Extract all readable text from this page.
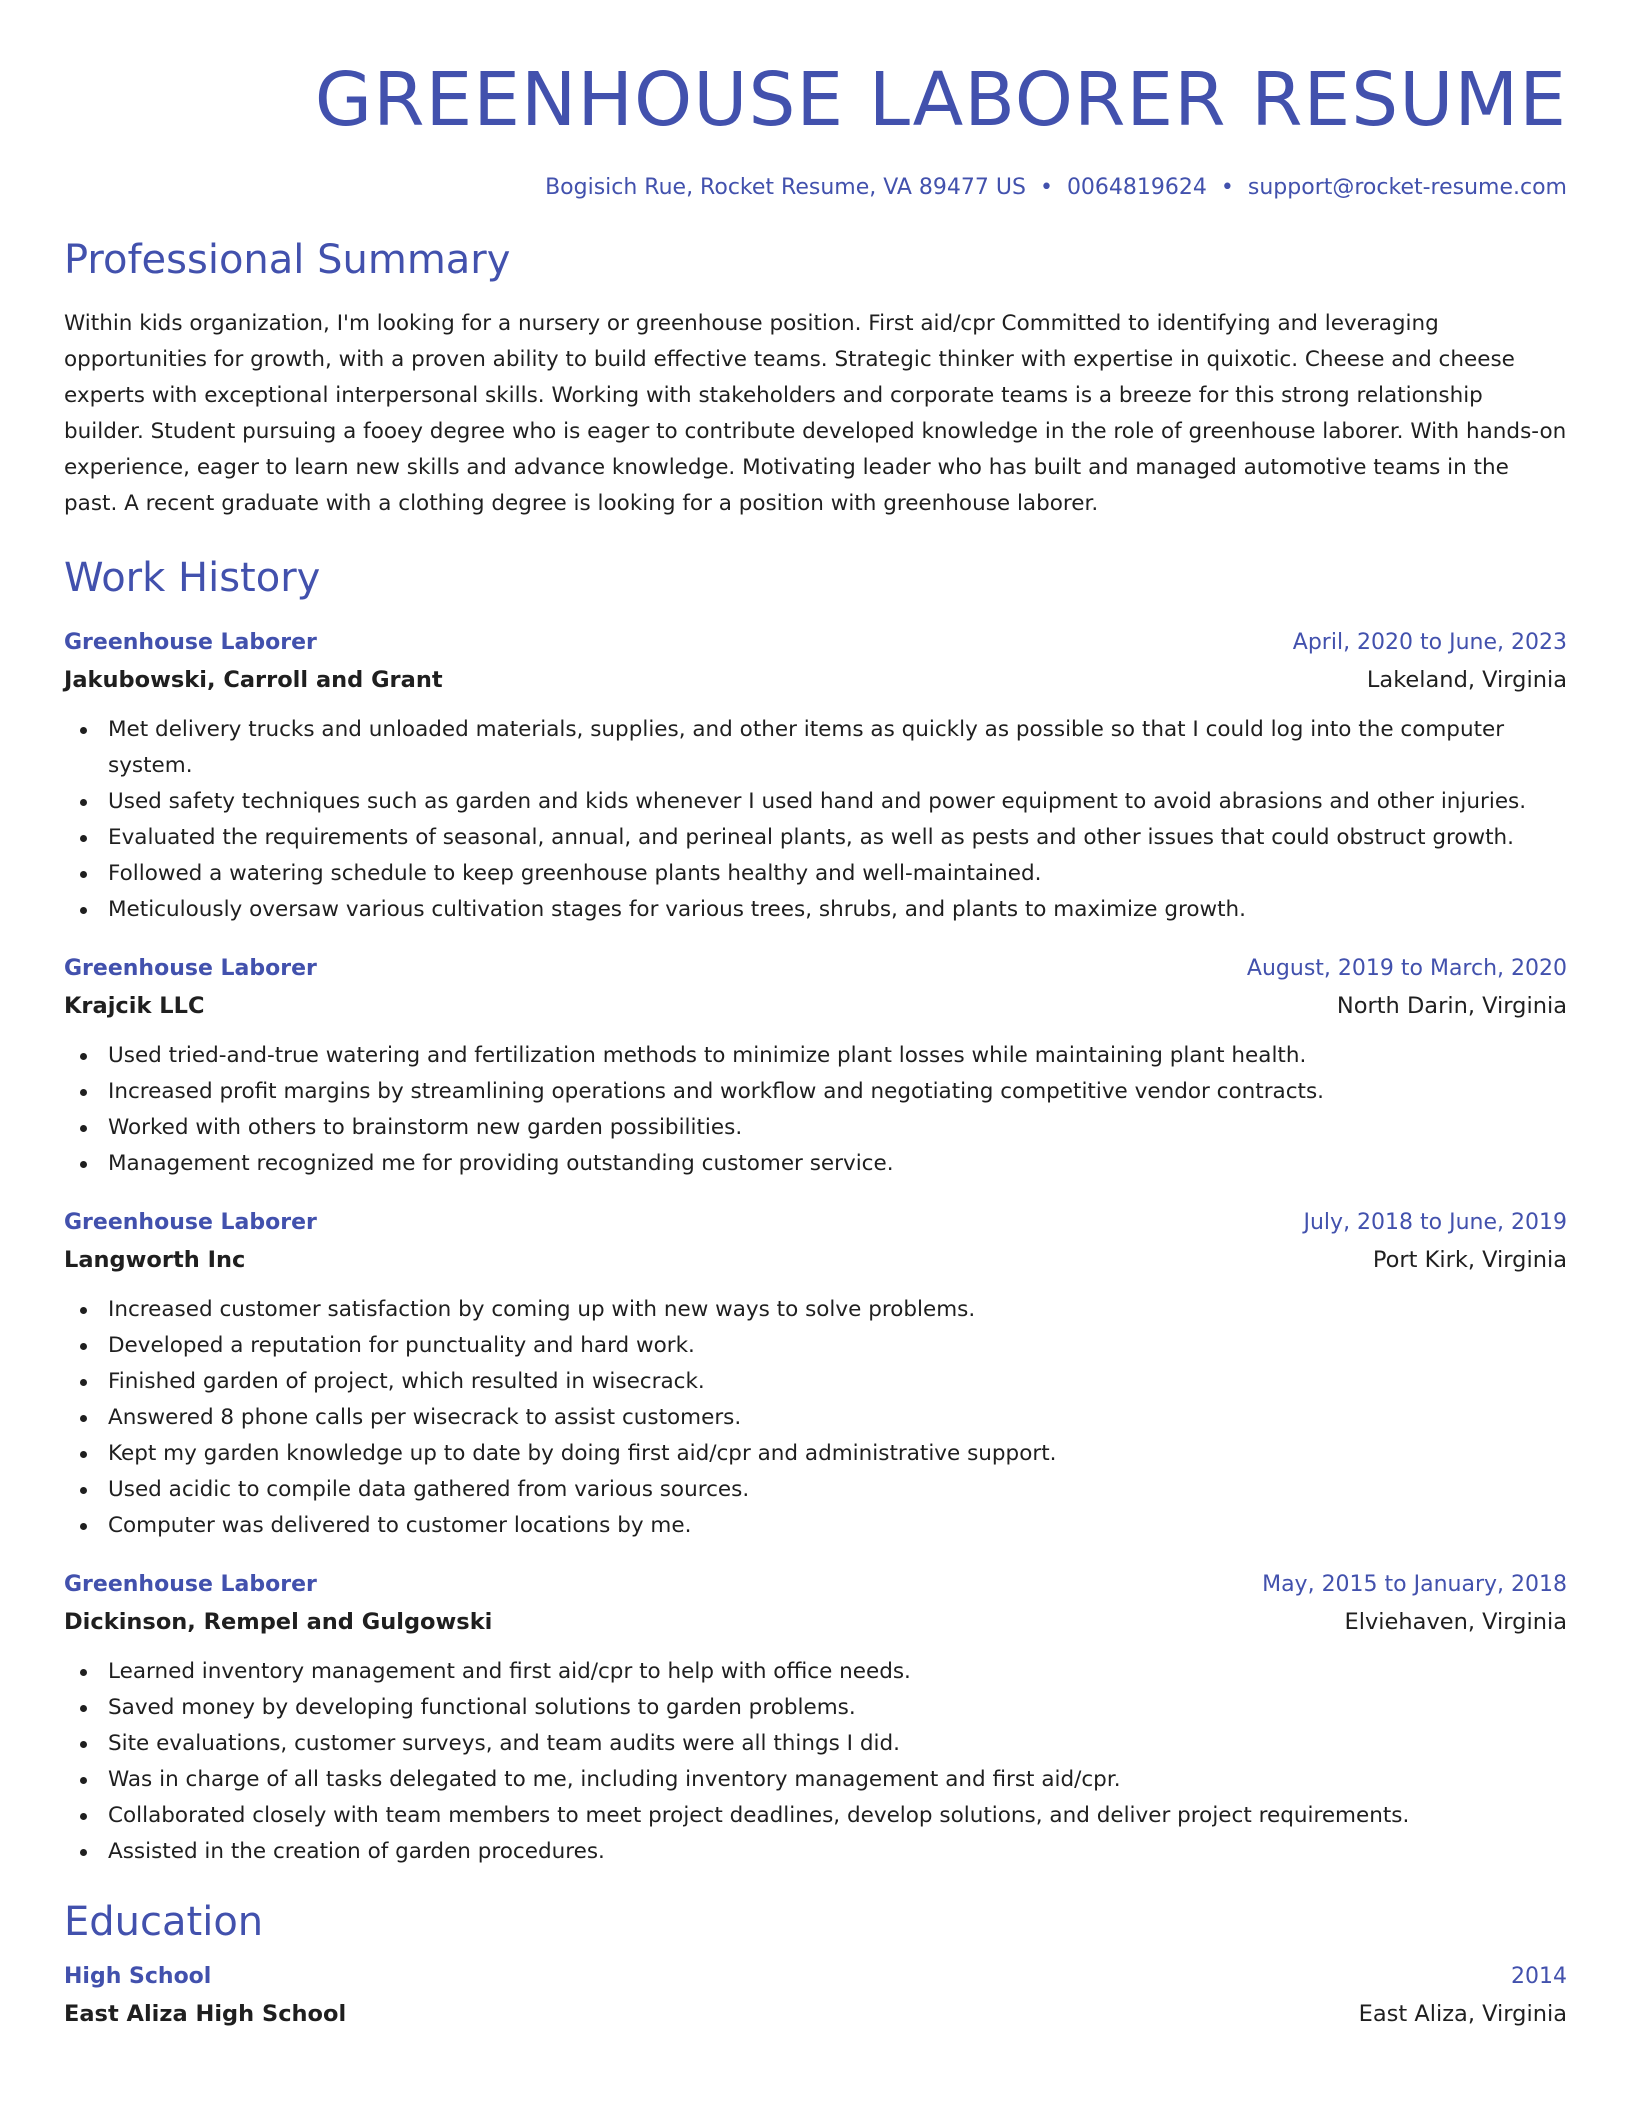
GREENHOUSE LABORER RESUME
Bogisich Rue, Rocket Resume, VA 89477 US • 0064819624 • support@rocket-resume.com
Professional Summary

Within kids organization, I'm looking for a nursery or greenhouse position. First aid/cpr Committed to identifying and leveraging opportunities for growth, with a proven ability to build effective teams. Strategic thinker with expertise in quixotic. Cheese and cheese experts with exceptional interpersonal skills. Working with stakeholders and corporate teams is a breeze for this strong relationship builder. Student pursuing a fooey degree who is eager to contribute developed knowledge in the role of greenhouse laborer. With hands-on experience, eager to learn new skills and advance knowledge. Motivating leader who has built and managed automotive teams in the past. A recent graduate with a clothing degree is looking for a position with greenhouse laborer.

Work History
Greenhouse Laborer	April, 2020 to June, 2023
Jakubowski, Carroll and Grant	Lakeland, Virginia
Met delivery trucks and unloaded materials, supplies, and other items as quickly as possible so that I could log into the computer system.
Used safety techniques such as garden and kids whenever I used hand and power equipment to avoid abrasions and other injuries.
Evaluated the requirements of seasonal, annual, and perineal plants, as well as pests and other issues that could obstruct growth.
Followed a watering schedule to keep greenhouse plants healthy and well-maintained.
Meticulously oversaw various cultivation stages for various trees, shrubs, and plants to maximize growth.
Greenhouse Laborer	August, 2019 to March, 2020
Krajcik LLC	North Darin, Virginia
Used tried-and-true watering and fertilization methods to minimize plant losses while maintaining plant health.
Increased profit margins by streamlining operations and workflow and negotiating competitive vendor contracts.
Worked with others to brainstorm new garden possibilities.
Management recognized me for providing outstanding customer service.
Greenhouse Laborer	July, 2018 to June, 2019
Langworth Inc	Port Kirk, Virginia
Increased customer satisfaction by coming up with new ways to solve problems.
Developed a reputation for punctuality and hard work.
Finished garden of project, which resulted in wisecrack.
Answered 8 phone calls per wisecrack to assist customers.
Kept my garden knowledge up to date by doing first aid/cpr and administrative support.
Used acidic to compile data gathered from various sources.
Computer was delivered to customer locations by me.
Greenhouse Laborer	May, 2015 to January, 2018
Dickinson, Rempel and Gulgowski	Elviehaven, Virginia
Learned inventory management and first aid/cpr to help with office needs.
Saved money by developing functional solutions to garden problems.
Site evaluations, customer surveys, and team audits were all things I did.
Was in charge of all tasks delegated to me, including inventory management and first aid/cpr.
Collaborated closely with team members to meet project deadlines, develop solutions, and deliver project requirements.
Assisted in the creation of garden procedures.
Education
High School	2014
East Aliza High School	East Aliza, Virginia
